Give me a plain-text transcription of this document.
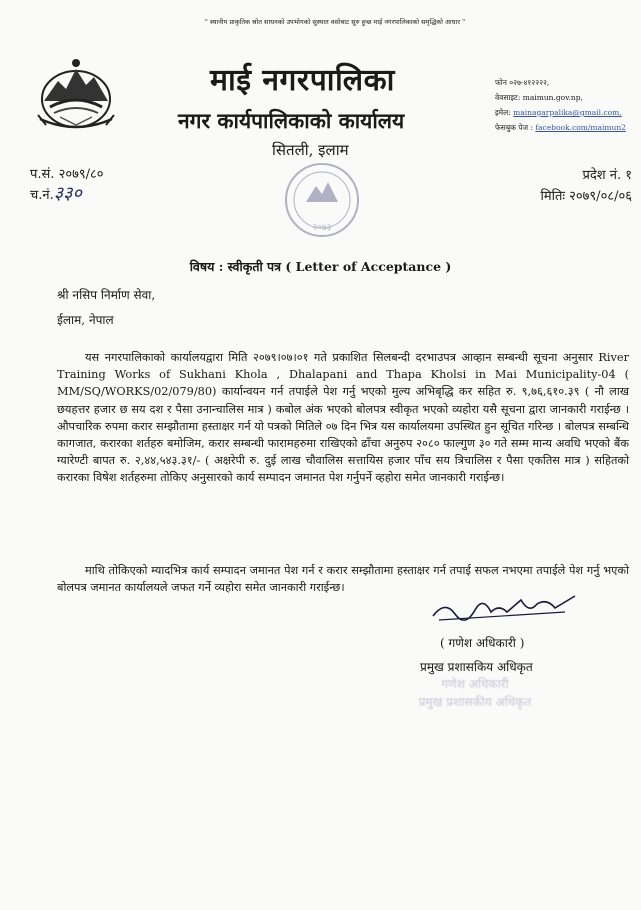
" स्थानीय प्राकृतिक स्रोत साधनको उपभोगको सुस्थात वसोबाट सुरु हुन्छ माई नगरपालिकाको समृद्धिको आधार "
माई नगरपालिका
नगर कार्यपालिकाको कार्यालय
सितली, इलाम
फोन ०२७-४१२२२२,
वेवसाइट: maimun.gov.np,
इमेल: mainagarpalika@gmail.com,
फेसबुक पेज : facebook.com/maimun2
प.सं. २०७९/८०
च.नं.३३०
प्रदेश नं. १
मितिः २०७९/०८/०६
२०७३
विषय : स्वीकृती पत्र ( Letter of Acceptance )
श्री नसिप निर्माण सेवा,
ईलाम, नेपाल
यस नगरपालिकाको कार्यालयद्वारा मिति २०७९।०७।०१ गते प्रकाशित सिलबन्दी दरभाउपत्र आव्हान सम्बन्धी सूचना अनुसार River Training Works of Sukhani Khola , Dhalapani and Thapa Kholsi in Mai Municipality-04 ( MM/SQ/WORKS/02/079/80) कार्यान्वयन गर्न तपाईले पेश गर्नु भएको मुल्य अभिबृद्धि कर सहित रु. ९,७६,६१०.३९ ( नौ लाख छयहत्तर हजार छ सय दश र पैसा उनान्चालिस मात्र ) कबोल अंक भएको बोलपत्र स्वीकृत भएको व्यहोरा यसै सूचना द्वारा जानकारी गराईन्छ । औपचारिक रुपमा करार सम्झौतामा हस्ताक्षर गर्न यो पत्रको मितिले ०७ दिन भित्र यस कार्यालयमा उपस्थित हुन सूचित गरिन्छ । बोलपत्र सम्बन्धि कागजात, करारका शर्तहरु बमोजिम, करार सम्बन्धी फारामहरुमा राखिएको ढाँचा अनुरुप २०८० फाल्गुण ३० गते सम्म मान्य अवधि भएको बैंक ग्यारेण्टी बापत रु. २,४४,५४३.३१/- ( अक्षरेपी रु. दुई लाख चौवालिस सत्तायिस हजार पाँच सय त्रिचालिस र पैसा एकतिस मात्र ) सहितको करारका विषेश शर्तहरुमा तोकिए अनुसारको कार्य सम्पादन जमानत पेश गर्नुपर्ने व्हहोरा समेत जानकारी गराईन्छ।
माथि तोकिएको म्यादभित्र कार्य सम्पादन जमानत पेश गर्न र करार सम्झौतामा हस्ताक्षर गर्न तपाई सफल नभएमा तपाईले पेश गर्नु भएको बोलपत्र जमानत कार्यालयले जफत गर्ने व्यहोरा समेत जानकारी गराईन्छ।
( गणेश अधिकारी )
प्रमुख प्रशासकिय अधिकृत
गणेश अधिकारी
प्रमुख प्रशासकीय अधिकृत
